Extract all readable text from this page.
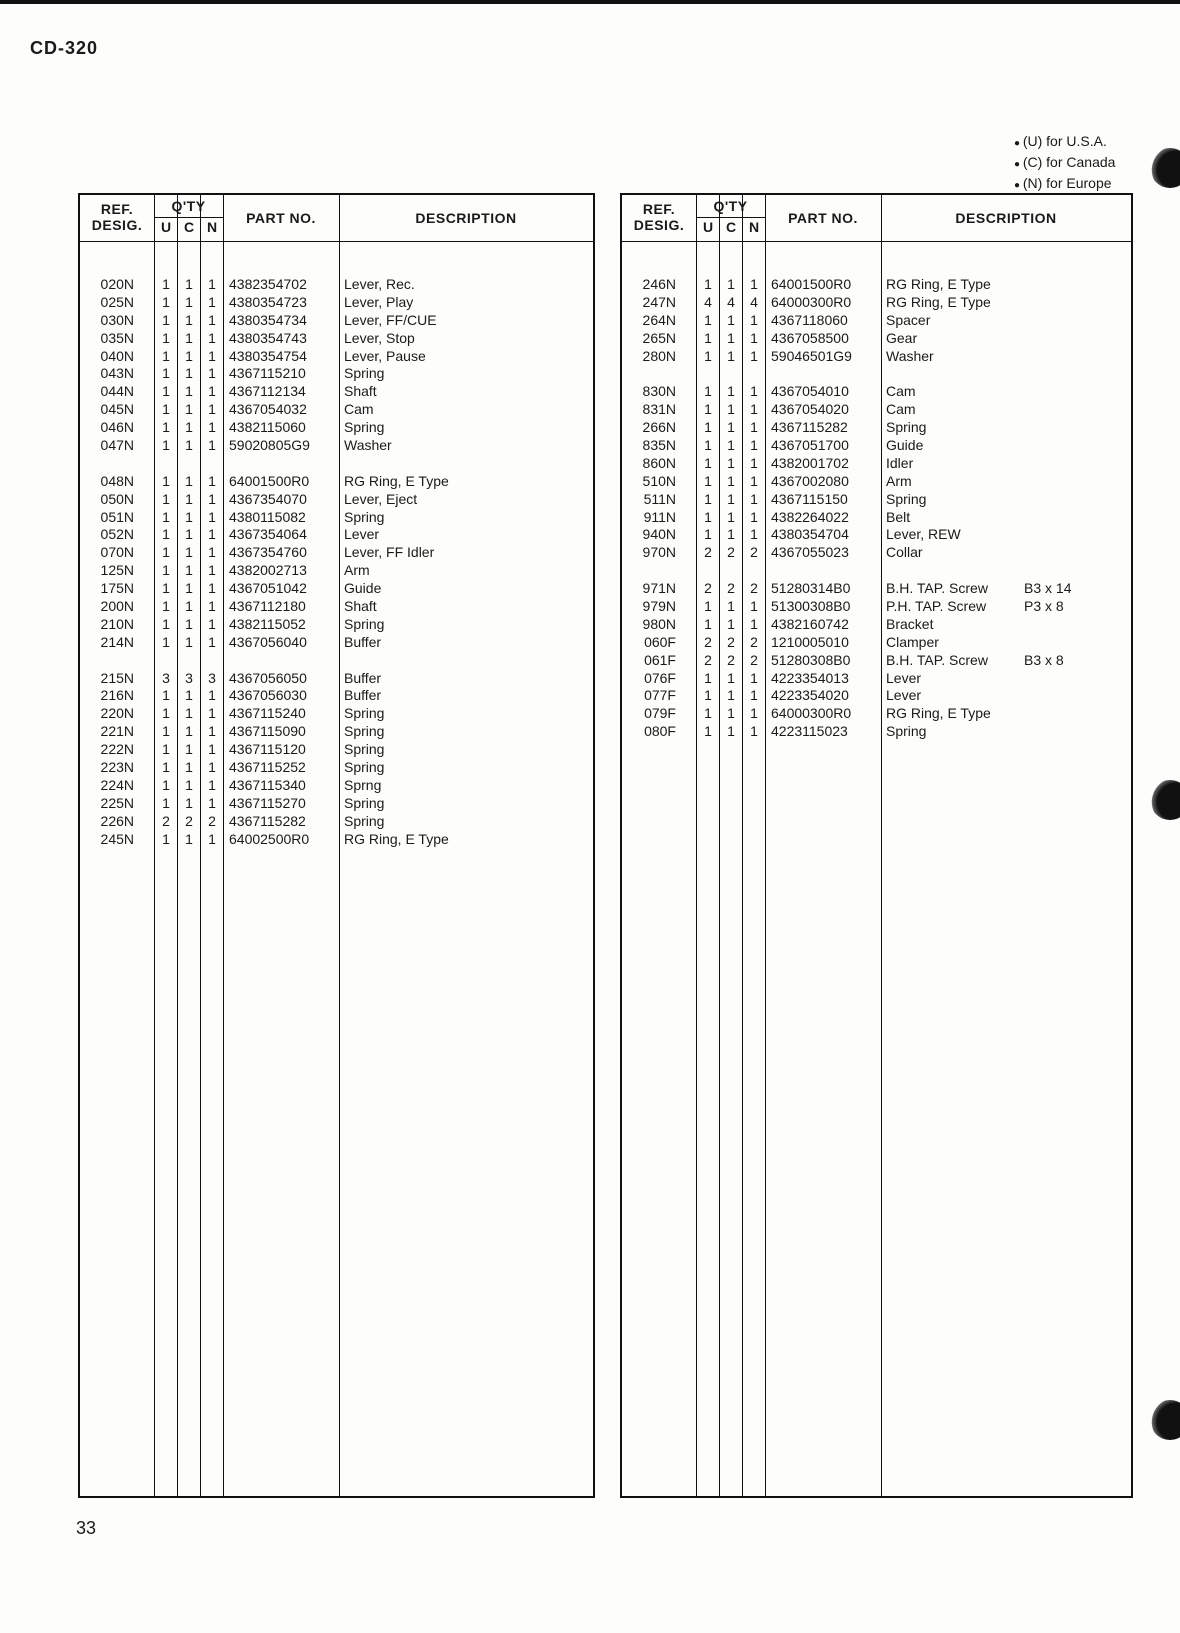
CD-320
● (U) for U.S.A.
● (C) for Canada
● (N) for Europe
REF.
DESIG.
Q'TY
U C N
PART NO.	DESCRIPTION
020N	1	1	1 4382354702	Lever, Rec.
025N	1	1	1 4380354723	Lever, Play
030N	1	1	1 4380354734	Lever, FF/CUE
035N	1	1	1 4380354743	Lever, Stop
040N	1	1	1 4380354754	Lever, Pause
043N	1	1	1 4367115210	Spring
044N	1	1	1 4367112134	Shaft
045N	1	1	1 4367054032	Cam
046N	1	1	1 4382115060	Spring
047N	1	1	1 59020805G9 Washer
048N	1	1	1 64001500R0 RG Ring, E Type
050N	1	1	1 4367354070	Lever, Eject
051N	1	1	1 4380115082	Spring
052N	1	1	1 4367354064	Lever
070N	1	1	1 4367354760	Lever, FF Idler
125N	1	1	1 4382002713	Arm
175N	1	1	1 4367051042	Guide
200N	1	1	1 4367112180	Shaft
210N	1	1	1 4382115052	Spring
214N	1	1	1 4367056040	Buffer
215N	3	3	3 4367056050	Buffer
216N	1	1	1 4367056030	Buffer
220N	1	1	1 4367115240	Spring
221N	1	1	1 4367115090	Spring
222N	1	1	1 4367115120	Spring
223N	1	1	1 4367115252	Spring
224N	1	1	1 4367115340	Sprng
225N	1	1	1 4367115270	Spring
226N	2	2	2 4367115282	Spring
245N	1	1	1 64002500R0 RG Ring, E Type
REF.
DESIG.
Q'TY
U C N
PART NO.	DESCRIPTION
246N	1	1	1 64001500R0 RG Ring, E Type
247N	4	4	4 64000300R0 RG Ring, E Type
264N	1	1	1 4367118060	Spacer
265N	1	1	1 4367058500	Gear
280N	1	1	1 59046501G9 Washer
830N	1	1	1 4367054010	Cam
831N	1	1	1 4367054020	Cam
266N	1	1	1 4367115282	Spring
835N	1	1	1 4367051700	Guide
860N	1	1	1 4382001702	Idler
510N	1	1	1 4367002080	Arm
511N	1	1	1 4367115150	Spring
911N	1	1	1 4382264022	Belt
940N	1	1	1 4380354704	Lever, REW
970N	2	2	2 4367055023	Collar
971N	2	2	2 51280314B0	B.H. TAP. Screw	B3 x 14
979N	1	1	1 51300308B0	P.H. TAP. Screw	P3 x 8
980N	1	1	1 4382160742	Bracket
060F	2	2	2 1210005010	Clamper
061F	2	2	2 51280308B0	B.H. TAP. Screw	B3 x 8
076F	1	1	1 4223354013	Lever
077F	1	1	1 4223354020	Lever
079F	1	1	1 64000300R0 RG Ring, E Type
080F	1	1	1 4223115023	Spring
33
